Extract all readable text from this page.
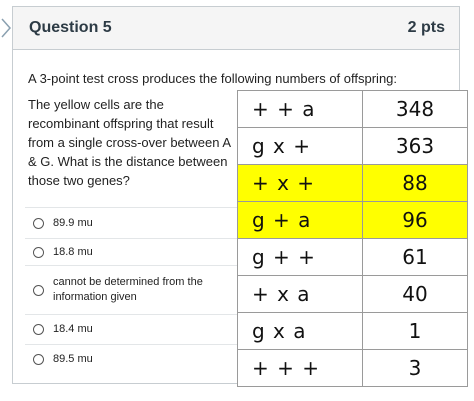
Question 5	2 pts
A 3-point test cross produces the following numbers of offspring:
The yellow cells are the recombinant offspring that result from a single cross-over between A & G. What is the distance between those two genes?
89.9 mu
18.8 mu
cannot be determined from the information given
18.4 mu
89.5 mu
+ + a	348
g x +	363
+ x +	88
g + a	96
g + +	61
+ x a	40
g x a	1
+ + +	3
